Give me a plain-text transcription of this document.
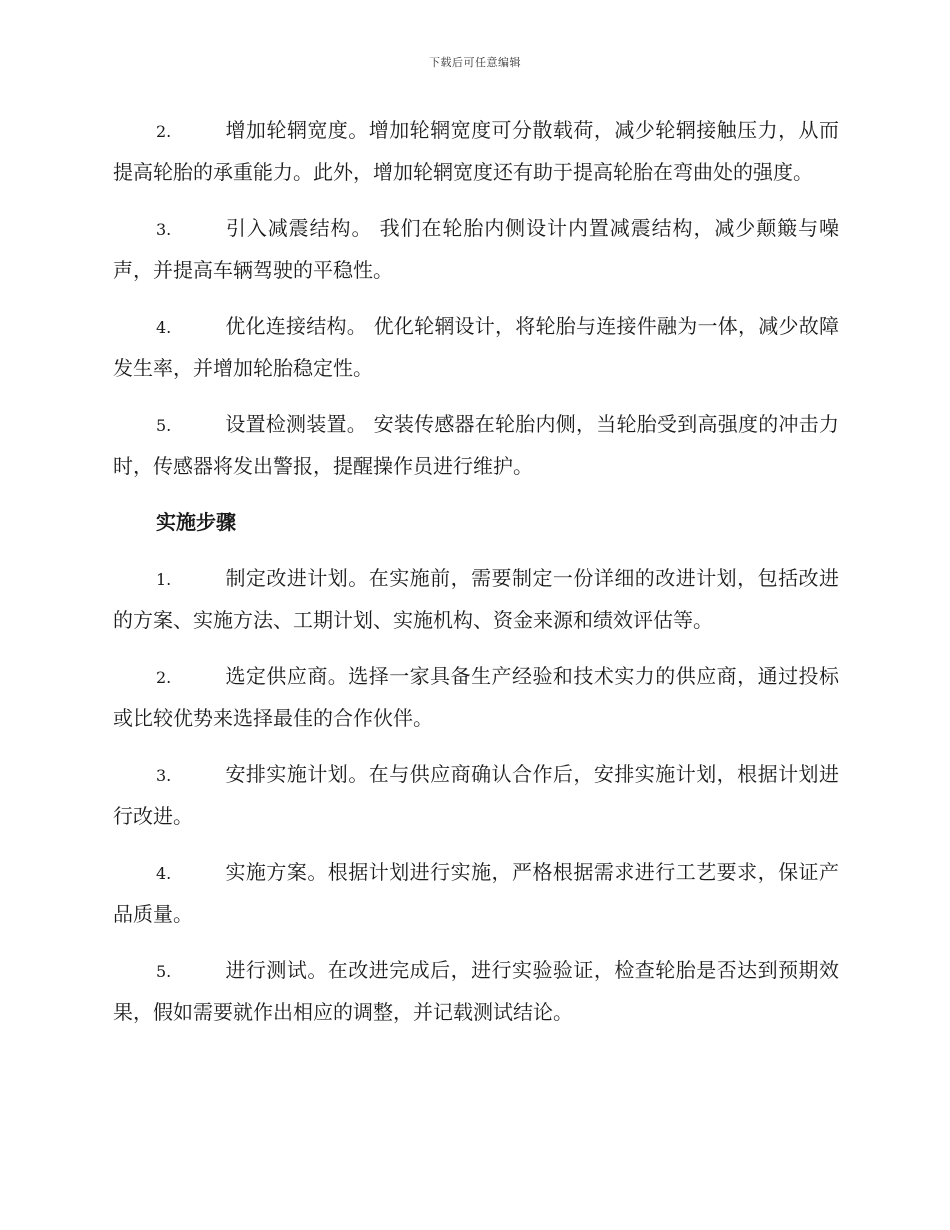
下载后可任意编辑

2.	增加轮辋宽度。增加轮辋宽度可分散载荷，减少轮辋接触压力，从而提高轮胎的承重能力。此外，增加轮辋宽度还有助于提高轮胎在弯曲处的强度。

3.	引入减震结构。 我们在轮胎内侧设计内置减震结构，减少颠簸与噪声，并提高车辆驾驶的平稳性。

4.	优化连接结构。 优化轮辋设计，将轮胎与连接件融为一体，减少故障发生率，并增加轮胎稳定性。

5.	设置检测装置。 安装传感器在轮胎内侧，当轮胎受到高强度的冲击力时，传感器将发出警报，提醒操作员进行维护。

实施步骤

1.	制定改进计划。在实施前，需要制定一份详细的改进计划，包括改进的方案、实施方法、工期计划、实施机构、资金来源和绩效评估等。

2.	选定供应商。选择一家具备生产经验和技术实力的供应商，通过投标或比较优势来选择最佳的合作伙伴。

3.	安排实施计划。在与供应商确认合作后，安排实施计划，根据计划进行改进。

4.	实施方案。根据计划进行实施，严格根据需求进行工艺要求，保证产品质量。

5.	进行测试。在改进完成后，进行实验验证，检查轮胎是否达到预期效果，假如需要就作出相应的调整，并记载测试结论。
